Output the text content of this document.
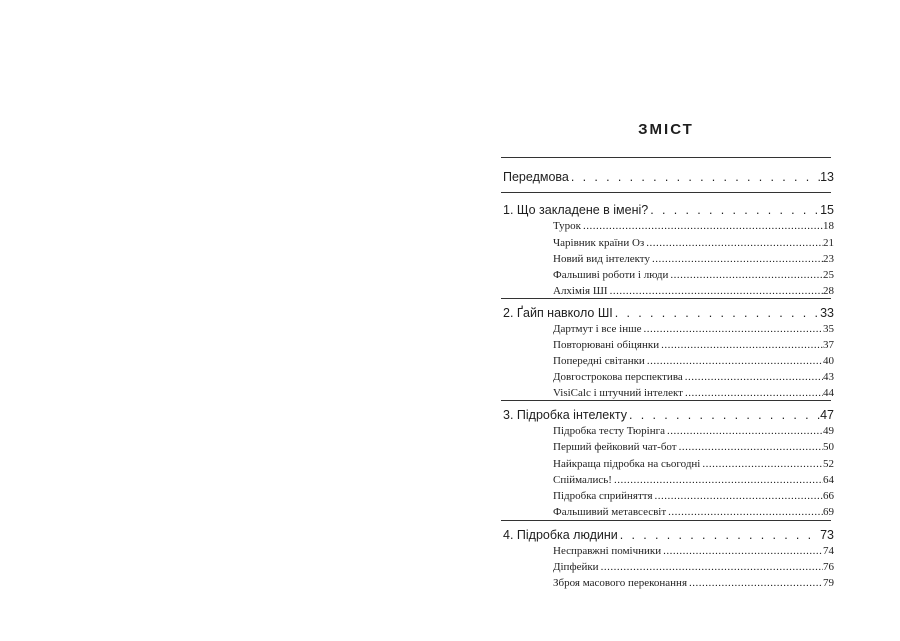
ЗМІСТ
Передмова . . .	13
1. Що закладене в імені? . . .	15
Турок .....	18
Чарівник країни Оз .....	21
Новий вид інтелекту .....	23
Фальшиві роботи і люди .....	25
Алхімія ШІ .....	28
2. Ґайп навколо ШІ . . .	33
Дартмут і все інше .....	35
Повторювані обіцянки .....	37
Попередні світанки .....	40
Довгострокова перспектива .....	43
VisiCalc і штучний інтелект .....	44
3. Підробка інтелекту . . .	47
Підробка тесту Тюрінга .....	49
Перший фейковий чат-бот .....	50
Найкраща підробка на сьогодні .....	52
Спіймались! .....	64
Підробка сприйняття .....	66
Фальшивий метавсесвіт .....	69
4. Підробка людини . . .	73
Несправжні помічники .....	74
Діпфейки .....	76
Зброя масового переконання .....	79
